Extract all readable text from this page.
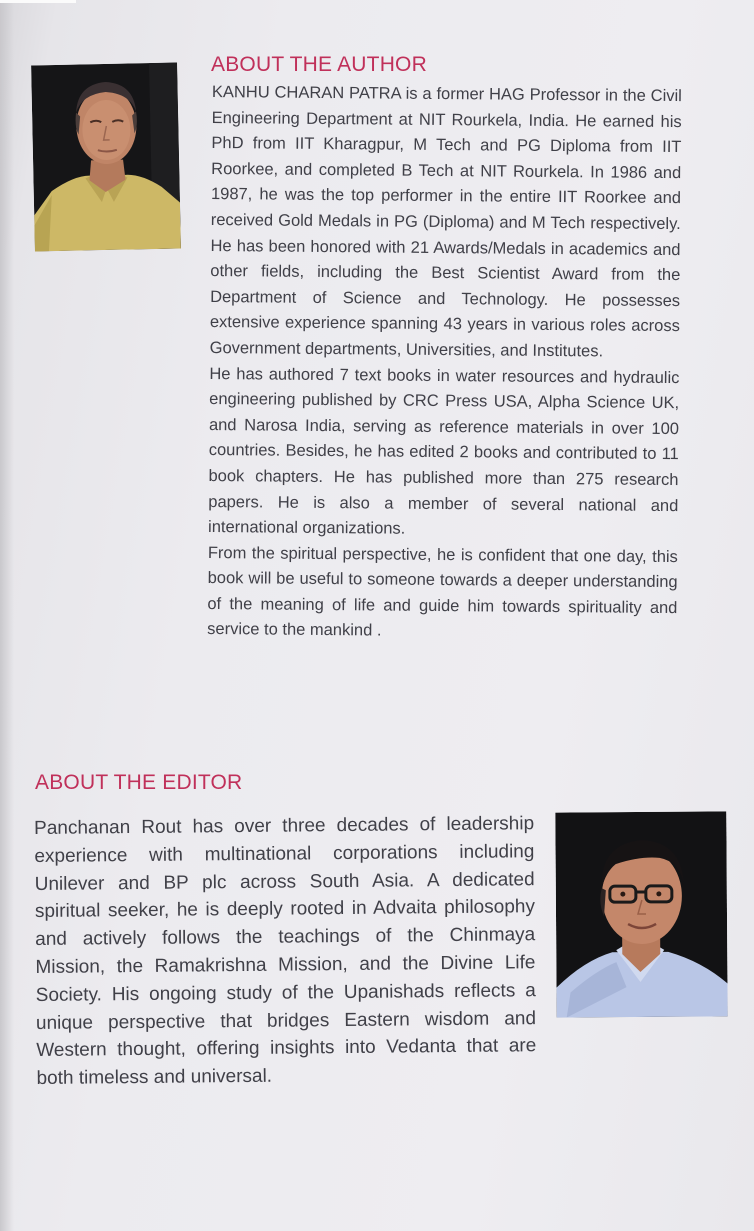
ABOUT THE AUTHOR

KANHU CHARAN PATRA is a former HAG Professor in the Civil Engineering Department at NIT Rourkela, India. He earned his PhD from IIT Kharagpur, M Tech and PG Diploma from IIT Roorkee, and completed B Tech at NIT Rourkela. In 1986 and 1987, he was the top performer in the entire IIT Roorkee and received Gold Medals in PG (Diploma) and M Tech respectively. He has been honored with 21 Awards/Medals in academics and other fields, including the Best Scientist Award from the Department of Science and Technology. He possesses extensive experience spanning 43 years in various roles across Government departments, Universities, and Institutes.

He has authored 7 text books in water resources and hydraulic engineering published by CRC Press USA, Alpha Science UK, and Narosa India, serving as reference materials in over 100 countries. Besides, he has edited 2 books and contributed to 11 book chapters. He has published more than 275 research papers. He is also a member of several national and international organizations.

From the spiritual perspective, he is confident that one day, this book will be useful to someone towards a deeper understanding of the meaning of life and guide him towards spirituality and service to the mankind .

ABOUT THE EDITOR

Panchanan Rout has over three decades of leadership experience with multinational corporations including Unilever and BP plc across South Asia. A dedicated spiritual seeker, he is deeply rooted in Advaita philosophy and actively follows the teachings of the Chinmaya Mission, the Ramakrishna Mission, and the Divine Life Society. His ongoing study of the Upanishads reflects a unique perspective that bridges Eastern wisdom and Western thought, offering insights into Vedanta that are both timeless and universal.
